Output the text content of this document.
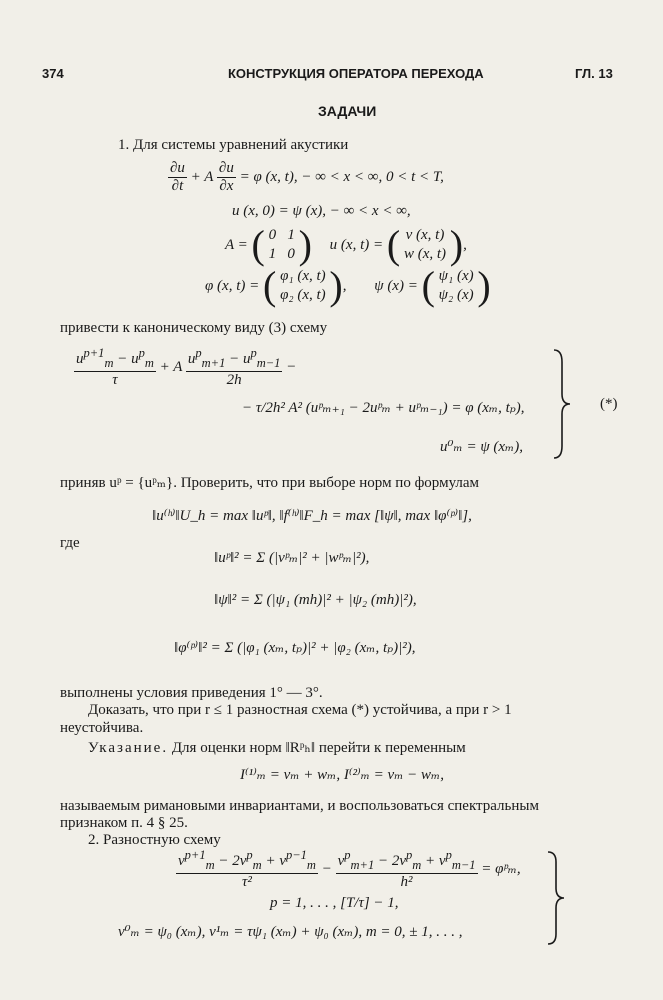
374	КОНСТРУКЦИЯ ОПЕРАТОРА ПЕРЕХОДА	ГЛ. 13
ЗАДАЧИ
1. Для системы уравнений акустики
$\frac{\partial u}{\partial t} + A \frac{\partial u}{\partial x} = \varphi$ (x, t), − ∞ < x < ∞, 0 < t < T,
u (x, 0) = ψ (x), − ∞ < x < ∞,
A = ( 0   1
1   0 ) u (x, t) = ( v (x, t)
w (x, t) ),
φ (x, t) = ( φ₁ (x, t)
φ₂ (x, t) ), ψ (x) = ( ψ₁ (x)
ψ₂ (x) )
привести к каноническому виду (3) схему
$\frac{u^{p+1}_m - u^p_m}{\tau} + A \frac{u^p_{m+1} - u^p_{m-1}}{2h}$ −
− τ/2h² A² (uᵖₘ₊₁ − 2uᵖₘ + uᵖₘ₋₁) = φ (xₘ, tₚ),
u⁰ₘ = ψ (xₘ),
(*)
приняв uᵖ = {uᵖₘ}. Проверить, что при выборе норм по формулам
‖u⁽ʰ⁾‖U_h = max ‖uᵖ‖, ‖f⁽ʰ⁾‖F_h = max [‖ψ‖, max ‖φ⁽ᵖ⁾‖],
где
‖uᵖ‖² = Σ (|vᵖₘ|² + |wᵖₘ|²),
‖ψ‖² = Σ (|ψ₁ (mh)|² + |ψ₂ (mh)|²),
‖φ⁽ᵖ⁾‖² = Σ (|φ₁ (xₘ, tₚ)|² + |φ₂ (xₘ, tₚ)|²),
выполнены условия приведения 1° — 3°.
Доказать, что при r ≤ 1 разностная схема (*) устойчива, а при r > 1
неустойчива.
Указание. Для оценки норм ‖Rᵖₕ‖ перейти к переменным
I⁽¹⁾ₘ = vₘ + wₘ, I⁽²⁾ₘ = vₘ − wₘ,
называемым римановыми инвариантами, и воспользоваться спектральным
признаком п. 4 § 25.
2. Разностную схему
$\frac{v^{p+1}_m - 2v^p_m + v^{p-1}_m}{\text{τ²}} - \frac{v^p_{m+1} - 2v^p_m + v^p_{m-1}}{\text{h²}}$ = φᵖₘ,
p = 1, . . . , [T/τ] − 1,
v⁰ₘ = ψ₀ (xₘ), v¹ₘ = τψ₁ (xₘ) + ψ₀ (xₘ), m = 0, ± 1, . . . ,
